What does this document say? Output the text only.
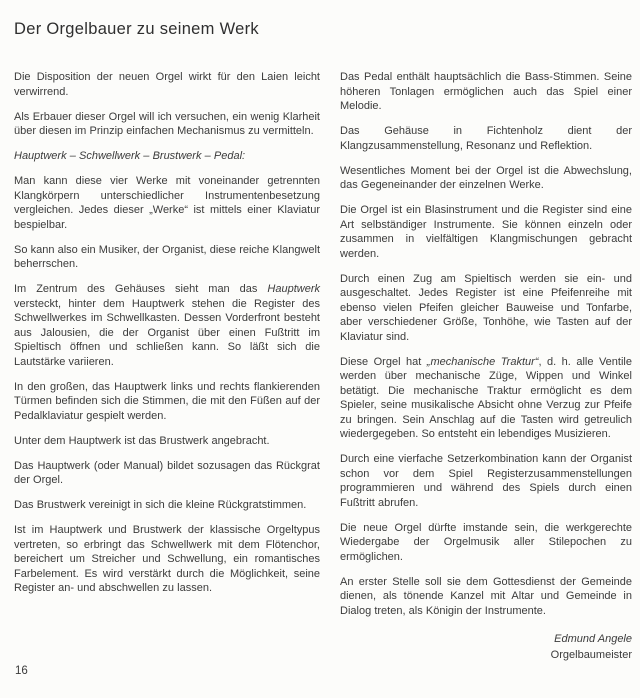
Der Orgelbauer zu seinem Werk

Die Disposition der neuen Orgel wirkt für den Laien leicht verwirrend.

Als Erbauer dieser Orgel will ich versuchen, ein wenig Klarheit über diesen im Prinzip einfachen Mechanismus zu vermitteln.

Hauptwerk – Schwellwerk – Brustwerk – Pedal:

Man kann diese vier Werke mit voneinander getrennten Klangkörpern unterschiedlicher Instrumentenbesetzung vergleichen. Jedes dieser „Werke“ ist mittels einer Klaviatur bespielbar.

So kann also ein Musiker, der Organist, diese reiche Klangwelt beherrschen.

Im Zentrum des Gehäuses sieht man das Hauptwerk versteckt, hinter dem Hauptwerk stehen die Register des Schwellwerkes im Schwellkasten. Dessen Vorderfront besteht aus Jalousien, die der Organist über einen Fußtritt im Spieltisch öffnen und schließen kann. So läßt sich die Lautstärke variieren.

In den großen, das Hauptwerk links und rechts flankierenden Türmen befinden sich die Stimmen, die mit den Füßen auf der Pedalklaviatur gespielt werden.

Unter dem Hauptwerk ist das Brustwerk angebracht.

Das Hauptwerk (oder Manual) bildet sozusagen das Rückgrat der Orgel.

Das Brustwerk vereinigt in sich die kleine Rückgratstimmen.

Ist im Hauptwerk und Brustwerk der klassische Orgeltypus vertreten, so erbringt das Schwellwerk mit dem Flötenchor, bereichert um Streicher und Schwellung, ein romantisches Farbelement. Es wird verstärkt durch die Möglichkeit, seine Register an- und abschwellen zu lassen.

Das Pedal enthält hauptsächlich die Bass-Stimmen. Seine höheren Tonlagen ermöglichen auch das Spiel einer Melodie.

Das Gehäuse in Fichtenholz dient der Klangzusammenstellung, Resonanz und Reflektion.

Wesentliches Moment bei der Orgel ist die Abwechslung, das Gegeneinander der einzelnen Werke.

Die Orgel ist ein Blasinstrument und die Register sind eine Art selbständiger Instrumente. Sie können einzeln oder zusammen in vielfältigen Klangmischungen gebracht werden.

Durch einen Zug am Spieltisch werden sie ein- und ausgeschaltet. Jedes Register ist eine Pfeifenreihe mit ebenso vielen Pfeifen gleicher Bauweise und Tonfarbe, aber verschiedener Größe, Tonhöhe, wie Tasten auf der Klaviatur sind.

Diese Orgel hat „mechanische Traktur“, d. h. alle Ventile werden über mechanische Züge, Wippen und Winkel betätigt. Die mechanische Traktur ermöglicht es dem Spieler, seine musikalische Absicht ohne Verzug zur Pfeife zu bringen. Sein Anschlag auf die Tasten wird getreulich wiedergegeben. So entsteht ein lebendiges Musizieren.

Durch eine vierfache Setzerkombination kann der Organist schon vor dem Spiel Registerzusammenstellungen programmieren und während des Spiels durch einen Fußtritt abrufen.

Die neue Orgel dürfte imstande sein, die werkgerechte Wiedergabe der Orgelmusik aller Stilepochen zu ermöglichen.

An erster Stelle soll sie dem Gottesdienst der Gemeinde dienen, als tönende Kanzel mit Altar und Gemeinde in Dialog treten, als Königin der Instrumente.

Edmund Angele
Orgelbaumeister
16
